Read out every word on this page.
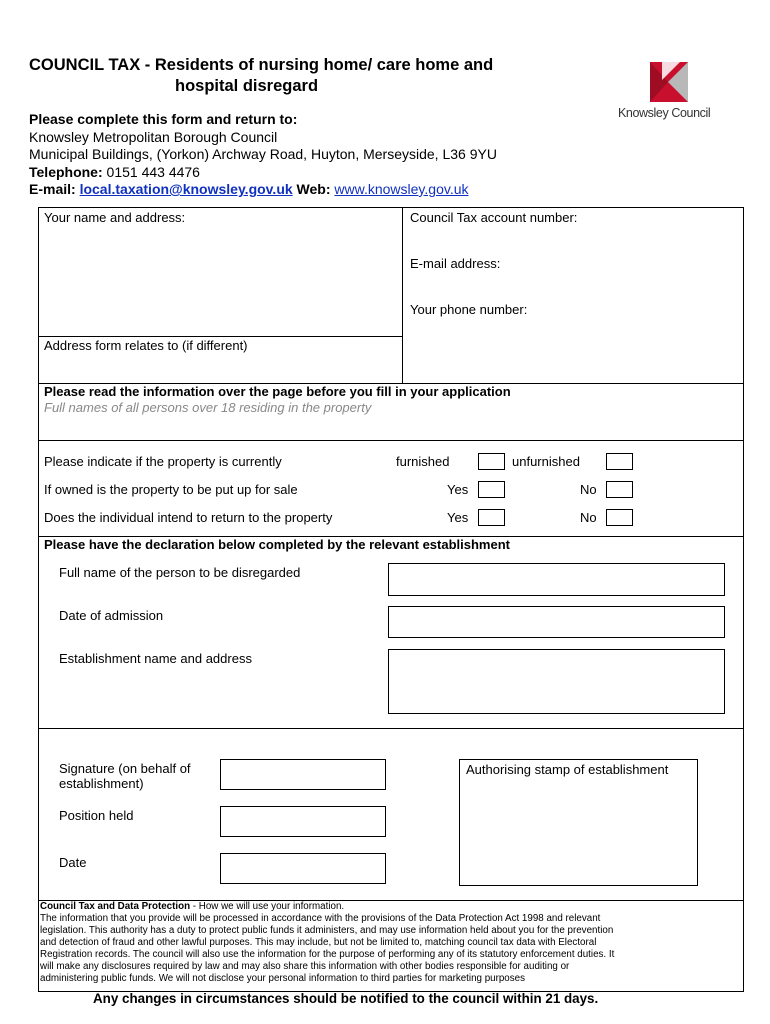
COUNCIL TAX - Residents of nursing home/ care home and
hospital disregard
Knowsley Council
Please complete this form and return to:
Knowsley Metropolitan Borough Council
Municipal Buildings, (Yorkon) Archway Road, Huyton, Merseyside, L36 9YU
Telephone: 0151 443 4476
E-mail: local.taxation@knowsley.gov.uk Web: www.knowsley.gov.uk
Your name and address:	Council Tax account number:
E-mail address:
Your phone number:
Address form relates to (if different)
Please read the information over the page before you fill in your application
Full names of all persons over 18 residing in the property
Please indicate if the property is currently	furnished	unfurnished
If owned is the property to be put up for sale	Yes	No
Does the individual intend to return to the property	Yes	No
Please have the declaration below completed by the relevant establishment
Full name of the person to be disregarded
Date of admission
Establishment name and address
Signature (on behalf of
establishment)
Position held
Date
Authorising stamp of establishment
Council Tax and Data Protection - How we will use your information.
The information that you provide will be processed in accordance with the provisions of the Data Protection Act 1998 and relevant
legislation. This authority has a duty to protect public funds it administers, and may use information held about you for the prevention
and detection of fraud and other lawful purposes. This may include, but not be limited to, matching council tax data with Electoral
Registration records. The council will also use the information for the purpose of performing any of its statutory enforcement duties. It
will make any disclosures required by law and may also share this information with other bodies responsible for auditing or
administering public funds. We will not disclose your personal information to third parties for marketing purposes
Any changes in circumstances should be notified to the council within 21 days.
